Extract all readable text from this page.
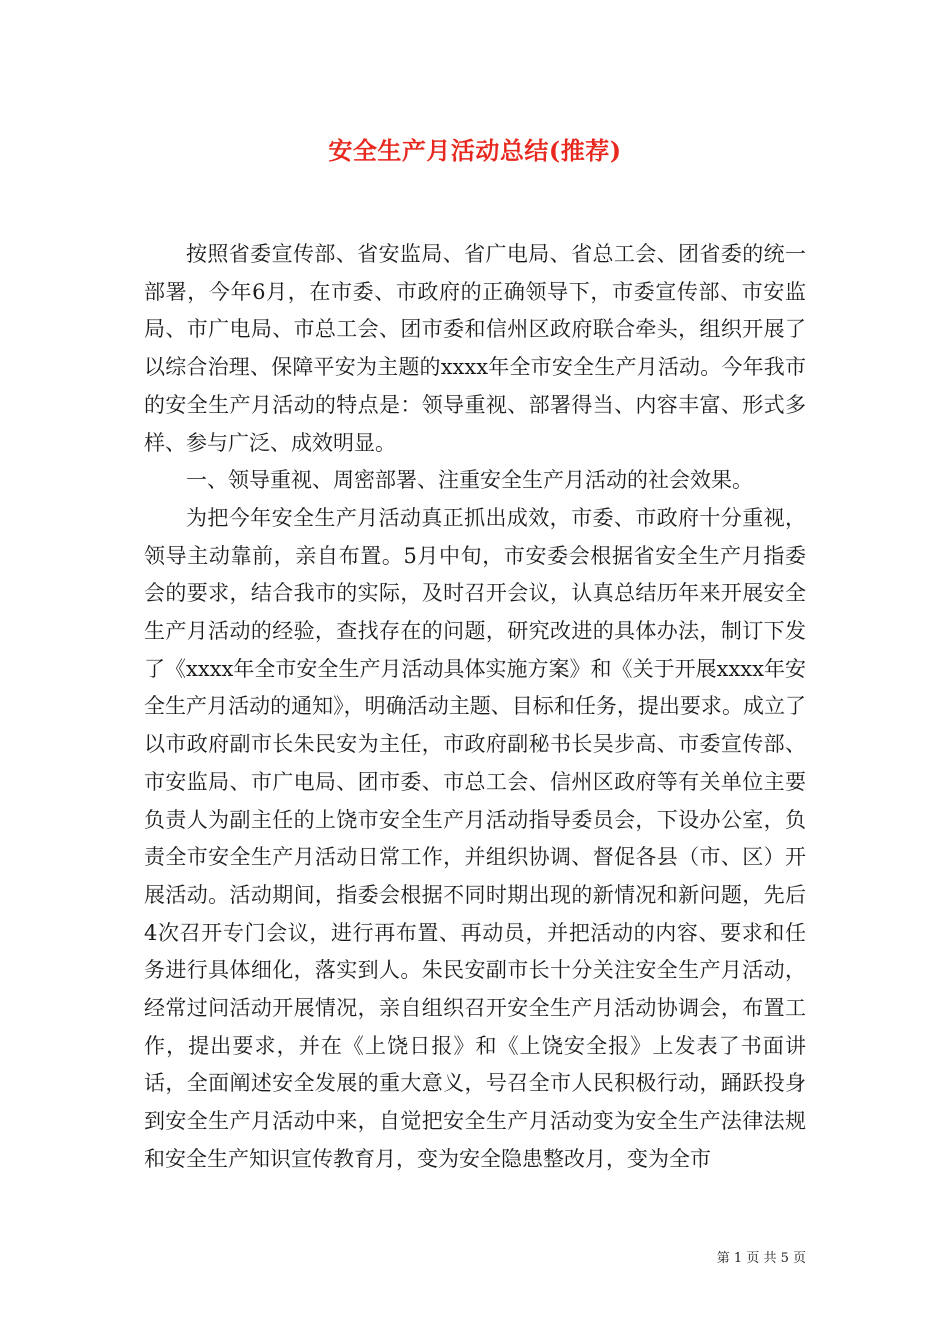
安全生产月活动总结(推荐)

按照省委宣传部、省安监局、省广电局、省总工会、团省委的统一部署，今年6月，在市委、市政府的正确领导下，市委宣传部、市安监局、市广电局、市总工会、团市委和信州区政府联合牵头，组织开展了以综合治理、保障平安为主题的xxxx年全市安全生产月活动。今年我市的安全生产月活动的特点是：领导重视、部署得当、内容丰富、形式多样、参与广泛、成效明显。

一、领导重视、周密部署、注重安全生产月活动的社会效果。

为把今年安全生产月活动真正抓出成效，市委、市政府十分重视，领导主动靠前，亲自布置。5月中旬，市安委会根据省安全生产月指委会的要求，结合我市的实际，及时召开会议，认真总结历年来开展安全生产月活动的经验，查找存在的问题，研究改进的具体办法，制订下发了《xxxx年全市安全生产月活动具体实施方案》和《关于开展xxxx年安全生产月活动的通知》，明确活动主题、目标和任务，提出要求。成立了以市政府副市长朱民安为主任，市政府副秘书长吴步高、市委宣传部、市安监局、市广电局、团市委、市总工会、信州区政府等有关单位主要负责人为副主任的上饶市安全生产月活动指导委员会，下设办公室，负责全市安全生产月活动日常工作，并组织协调、督促各县（市、区）开展活动。活动期间，指委会根据不同时期出现的新情况和新问题，先后4次召开专门会议，进行再布置、再动员，并把活动的内容、要求和任务进行具体细化，落实到人。朱民安副市长十分关注安全生产月活动，经常过问活动开展情况，亲自组织召开安全生产月活动协调会，布置工作，提出要求，并在《上饶日报》和《上饶安全报》上发表了书面讲话，全面阐述安全发展的重大意义，号召全市人民积极行动，踊跃投身到安全生产月活动中来，自觉把安全生产月活动变为安全生产法律法规和安全生产知识宣传教育月，变为安全隐患整改月，变为全市

第 1 页 共 5 页
